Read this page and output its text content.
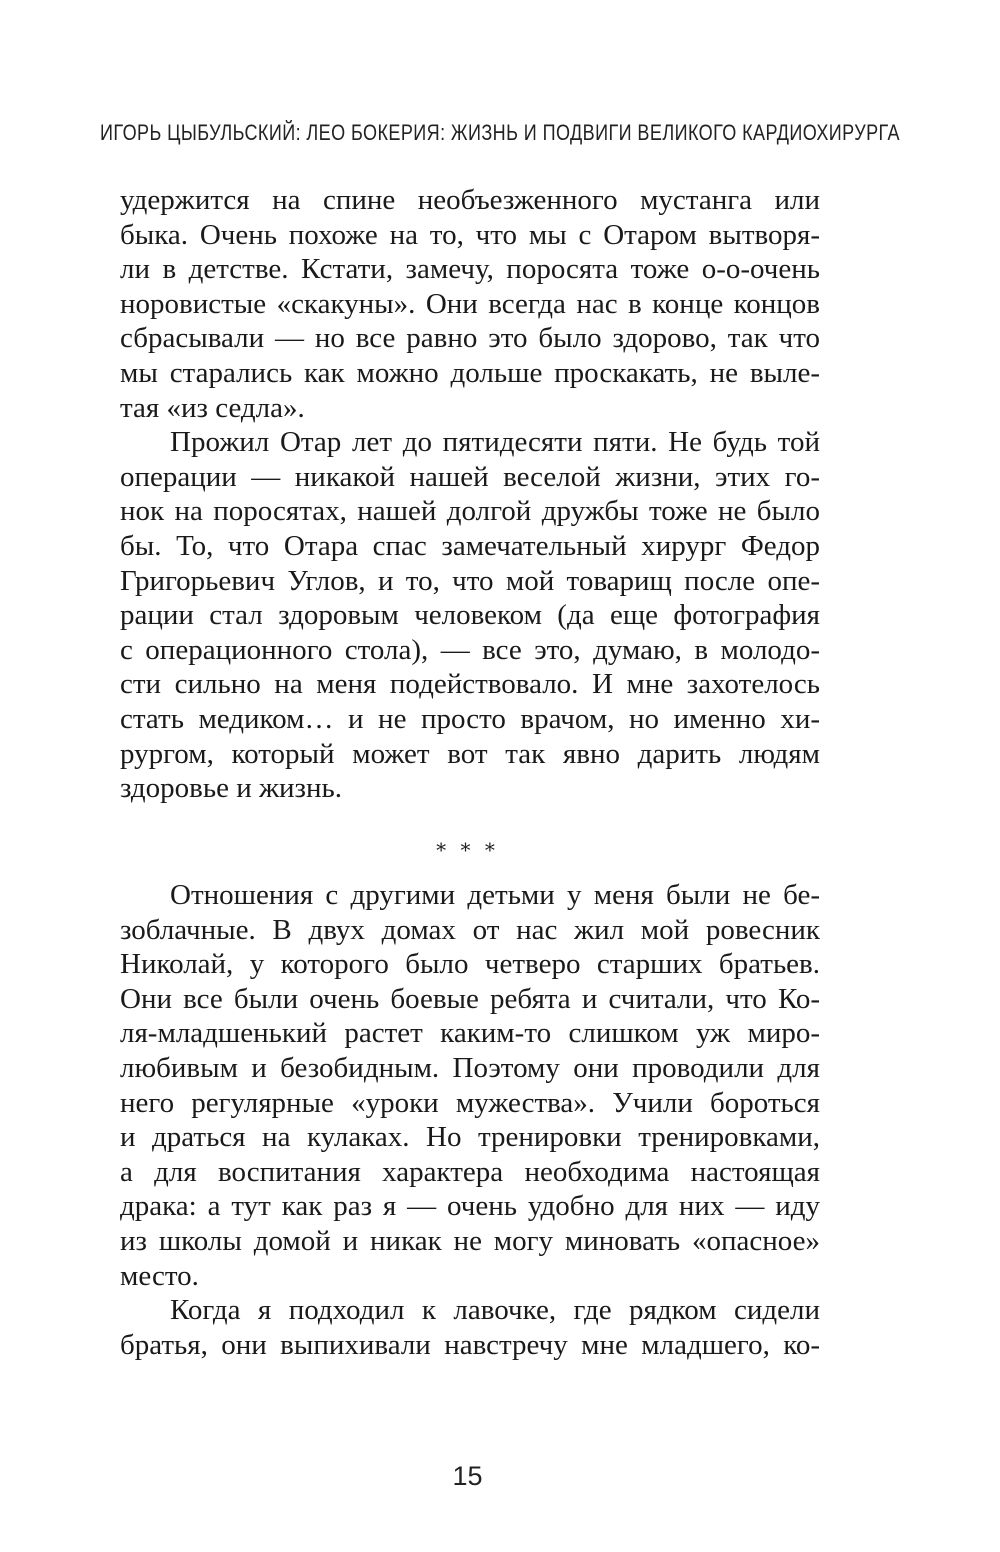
ИГОРЬ ЦЫБУЛЬСКИЙ: ЛЕО БОКЕРИЯ: ЖИЗНЬ И ПОДВИГИ ВЕЛИКОГО КАРДИОХИРУРГА
удержится на спине необъезженного мустанга или
быка. Очень похоже на то, что мы с Отаром вытворя-
ли в детстве. Кстати, замечу, поросята тоже о-о-очень
норовистые «скакуны». Они всегда нас в конце концов
сбрасывали — но все равно это было здорово, так что
мы старались как можно дольше проскакать, не выле-
тая «из седла».
Прожил Отар лет до пятидесяти пяти. Не будь той
операции — никакой нашей веселой жизни, этих го-
нок на поросятах, нашей долгой дружбы тоже не было
бы. То, что Отара спас замечательный хирург Федор
Григорьевич Углов, и то, что мой товарищ после опе-
рации стал здоровым человеком (да еще фотография
с операционного стола), — все это, думаю, в молодо-
сти сильно на меня подействовало. И мне захотелось
стать медиком… и не просто врачом, но именно хи-
рургом, который может вот так явно дарить людям
здоровье и жизнь.
* * *
Отношения с другими детьми у меня были не бе-
зоблачные. В двух домах от нас жил мой ровесник
Николай, у которого было четверо старших братьев.
Они все были очень боевые ребята и считали, что Ко-
ля-младшенький растет каким-то слишком уж миро-
любивым и безобидным. Поэтому они проводили для
него регулярные «уроки мужества». Учили бороться
и драться на кулаках. Но тренировки тренировками,
а для воспитания характера необходима настоящая
драка: а тут как раз я — очень удобно для них — иду
из школы домой и никак не могу миновать «опасное»
место.
Когда я подходил к лавочке, где рядком сидели
братья, они выпихивали навстречу мне младшего, ко-
15
